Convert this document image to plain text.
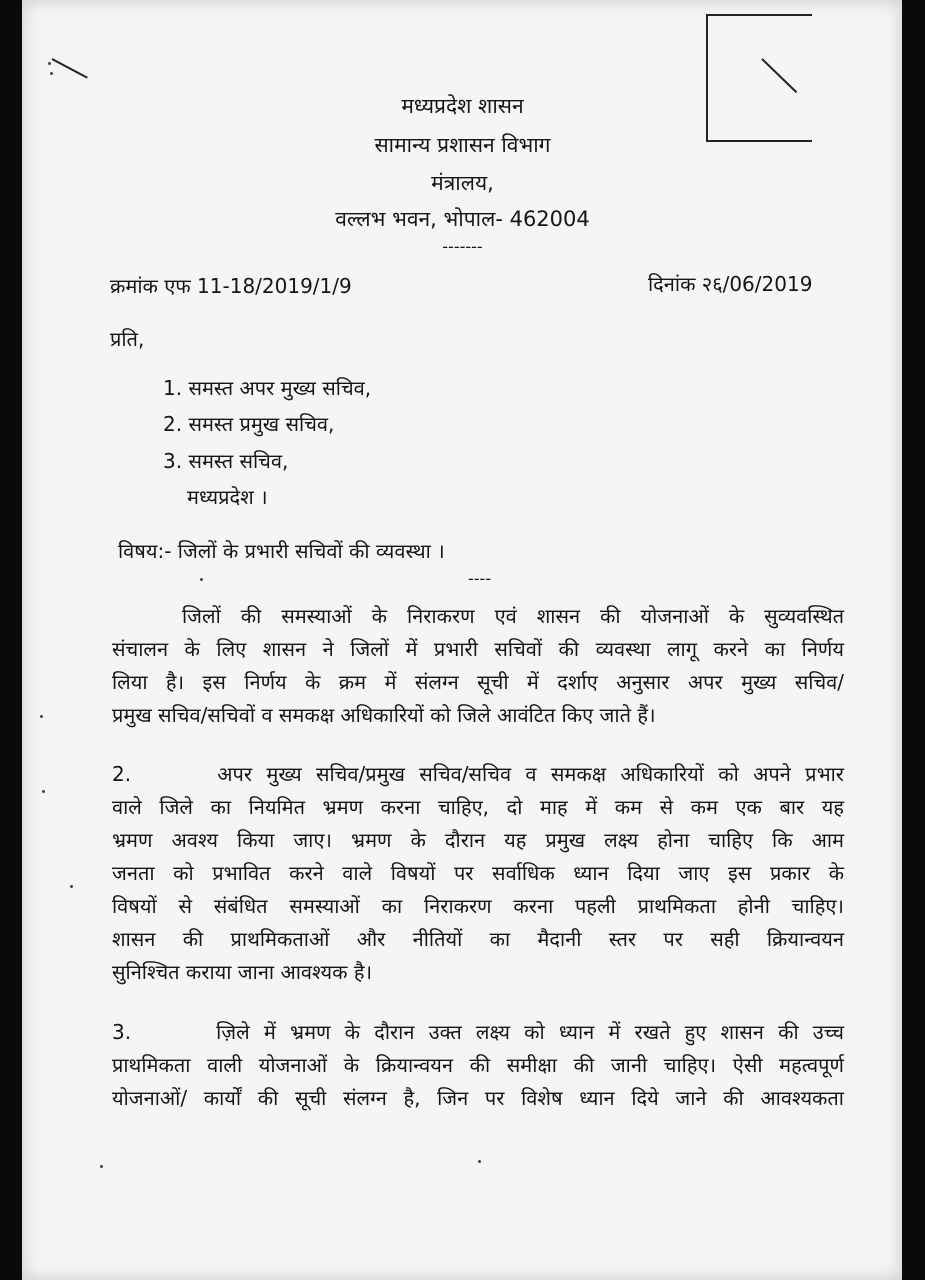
मध्यप्रदेश शासन
सामान्य प्रशासन विभाग
मंत्रालय,
वल्लभ भवन, भोपाल- 462004
-------
क्रमांक एफ 11-18/2019/1/9	दिनांक २६/06/2019
प्रति,
1. समस्त अपर मुख्य सचिव,
2. समस्त प्रमुख सचिव,
3. समस्त सचिव,
मध्यप्रदेश ।
विषय:- जिलों के प्रभारी सचिवों की व्यवस्था ।
----
जिलों की समस्याओं के निराकरण एवं शासन की योजनाओं के सुव्यवस्थित
संचालन के लिए शासन ने जिलों में प्रभारी सचिवों की व्यवस्था लागू करने का निर्णय
लिया है। इस निर्णय के क्रम में संलग्न सूची में दर्शाए अनुसार अपर मुख्य सचिव/
प्रमुख सचिव/सचिवों व समकक्ष अधिकारियों को जिले आवंटित किए जाते हैं।
2.      अपर मुख्य सचिव/प्रमुख सचिव/सचिव व समकक्ष अधिकारियों को अपने प्रभार
वाले जिले का नियमित भ्रमण करना चाहिए, दो माह में कम से कम एक बार यह
भ्रमण अवश्य किया जाए। भ्रमण के दौरान यह प्रमुख लक्ष्य होना चाहिए कि आम
जनता को प्रभावित करने वाले विषयों पर सर्वाधिक ध्यान दिया जाए इस प्रकार के
विषयों से संबंधित समस्याओं का निराकरण करना पहली प्राथमिकता होनी चाहिए।
शासन की प्राथमिकताओं और नीतियों का मैदानी स्तर पर सही क्रियान्वयन
सुनिश्चित कराया जाना आवश्यक है।
3.      ज़िले में भ्रमण के दौरान उक्त लक्ष्य को ध्यान में रखते हुए शासन की उच्च
प्राथमिकता वाली योजनाओं के क्रियान्वयन की समीक्षा की जानी चाहिए। ऐसी महत्वपूर्ण
योजनाओं/ कार्यों की सूची संलग्न है, जिन पर विशेष ध्यान दिये जाने की आवश्यकता
